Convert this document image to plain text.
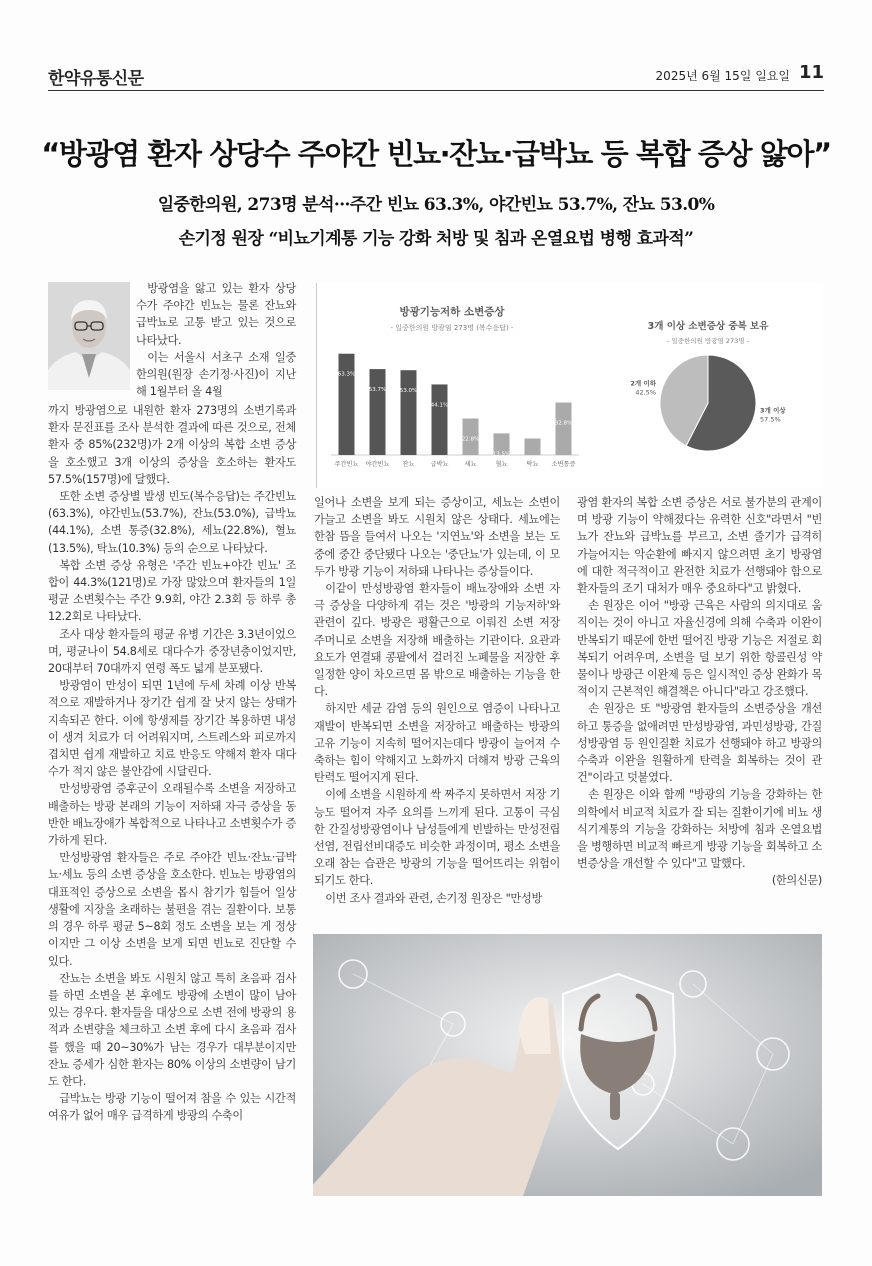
한약유통신문	2025년 6월 15일 일요일 11
“방광염 환자 상당수 주야간 빈뇨·잔뇨·급박뇨 등 복합 증상 앓아”
일중한의원, 273명 분석···주간 빈뇨 63.3%, 야간빈뇨 53.7%, 잔뇨 53.0%
손기정 원장 “비뇨기계통 기능 강화 처방 및 침과 온열요법 병행 효과적”

방광염을 앓고 있는 환자 상당수가 주야간 빈뇨는 물론 잔뇨와 급박뇨로 고통 받고 있는 것으로 나타났다.

이는 서울시 서초구 소재 일중한의원(원장 손기정·사진)이 지난해 1월부터 올 4월

까지 방광염으로 내원한 환자 273명의 소변기록과 환자 문진표를 조사 분석한 결과에 따른 것으로, 전체 환자 중 85%(232명)가 2개 이상의 복합 소변 증상을 호소했고 3개 이상의 증상을 호소하는 환자도 57.5%(157명)에 달했다.

또한 소변 증상별 발생 빈도(복수응답)는 주간빈뇨(63.3%), 야간빈뇨(53.7%), 잔뇨(53.0%), 급박뇨(44.1%), 소변 통증(32.8%), 세뇨(22.8%), 혈뇨(13.5%), 탁뇨(10.3%) 등의 순으로 나타났다.

복합 소변 증상 유형은 '주간 빈뇨+야간 빈뇨' 조합이 44.3%(121명)로 가장 많았으며 환자들의 1일 평균 소변횟수는 주간 9.9회, 야간 2.3회 등 하루 총 12.2회로 나타났다.

조사 대상 환자들의 평균 유병 기간은 3.3년이었으며, 평균나이 54.8세로 대다수가 중장년층이었지만, 20대부터 70대까지 연령 폭도 넓게 분포됐다.

방광염이 만성이 되면 1년에 두세 차례 이상 반복적으로 재발하거나 장기간 쉽게 잘 낫지 않는 상태가 지속되곤 한다. 이에 항생제를 장기간 복용하면 내성이 생겨 치료가 더 어려워지며, 스트레스와 피로까지 겹치면 쉽게 재발하고 치료 반응도 약해져 환자 대다수가 적지 않은 불안감에 시달린다.

만성방광염 증후군이 오래될수록 소변을 저장하고 배출하는 방광 본래의 기능이 저하돼 자극 증상을 동반한 배뇨장애가 복합적으로 나타나고 소변횟수가 증가하게 된다.

만성방광염 환자들은 주로 주야간 빈뇨·잔뇨·급박뇨·세뇨 등의 소변 증상을 호소한다. 빈뇨는 방광염의 대표적인 증상으로 소변을 몹시 참기가 힘들어 일상생활에 지장을 초래하는 불편을 겪는 질환이다. 보통의 경우 하루 평균 5~8회 정도 소변을 보는 게 정상이지만 그 이상 소변을 보게 되면 빈뇨로 진단할 수 있다.

잔뇨는 소변을 봐도 시원치 않고 특히 초음파 검사를 하면 소변을 본 후에도 방광에 소변이 많이 남아 있는 경우다. 환자들을 대상으로 소변 전에 방광의 용적과 소변량을 체크하고 소변 후에 다시 초음파 검사를 했을 때 20~30%가 남는 경우가 대부분이지만 잔뇨 증세가 심한 환자는 80% 이상의 소변량이 남기도 한다.

급박뇨는 방광 기능이 떨어져 참을 수 있는 시간적 여유가 없어 매우 급격하게 방광의 수축이

방광기능저하 소변증상
- 일중한의원 방광염 273명 (복수응답) -
63.3%
주간빈뇨
53.7%
야간빈뇨
53.0%
잔뇨
44.1%
급박뇨
22.8%
세뇨
13.5%
혈뇨
10.3%
탁뇨
32.8%
소변통증
3개 이상 소변증상 중복 보유
- 일중한의원 방광염 273명 -
3개 이상
57.5%
2개 이하
42.5%

일어나 소변을 보게 되는 증상이고, 세뇨는 소변이 가늘고 소변을 봐도 시원치 않은 상태다. 세뇨에는 한참 뜸을 들여서 나오는 '지연뇨'와 소변을 보는 도중에 중간 중단됐다 나오는 '중단뇨'가 있는데, 이 모두가 방광 기능이 저하돼 나타나는 증상들이다.

이같이 만성방광염 환자들이 배뇨장애와 소변 자극 증상을 다양하게 겪는 것은 '방광의 기능저하'와 관련이 깊다. 방광은 평활근으로 이뤄진 소변 저장 주머니로 소변을 저장해 배출하는 기관이다. 요관과 요도가 연결돼 콩팥에서 걸러진 노폐물을 저장한 후 일정한 양이 차오르면 몸 밖으로 배출하는 기능을 한다.

하지만 세균 감염 등의 원인으로 염증이 나타나고 재발이 반복되면 소변을 저장하고 배출하는 방광의 고유 기능이 지속히 떨어지는데다 방광이 늘어져 수축하는 힘이 약해지고 노화까지 더해져 방광 근육의 탄력도 떨어지게 된다.

이에 소변을 시원하게 싹 짜주지 못하면서 저장 기능도 떨어져 자주 요의를 느끼게 된다. 고통이 극심한 간질성방광염이나 남성들에게 빈발하는 만성전립선염, 전립선비대증도 비슷한 과정이며, 평소 소변을 오래 참는 습관은 방광의 기능을 떨어뜨리는 위험이 되기도 한다.

이번 조사 결과와 관련, 손기정 원장은 "만성방

광염 환자의 복합 소변 증상은 서로 불가분의 관계이며 방광 기능이 약해졌다는 유력한 신호"라면서 "빈뇨가 잔뇨와 급박뇨를 부르고, 소변 줄기가 급격히 가늘어지는 악순환에 빠지지 않으려면 초기 방광염에 대한 적극적이고 완전한 치료가 선행돼야 함으로 환자들의 조기 대처가 매우 중요하다"고 밝혔다.

손 원장은 이어 "방광 근육은 사람의 의지대로 움직이는 것이 아니고 자율신경에 의해 수축과 이완이 반복되기 때문에 한번 떨어진 방광 기능은 저절로 회복되기 어려우며, 소변을 덜 보기 위한 항콜린성 약물이나 방광근 이완제 등은 일시적인 증상 완화가 목적이지 근본적인 해결책은 아니다"라고 강조했다.

손 원장은 또 "방광염 환자들의 소변증상을 개선하고 통증을 없애려면 만성방광염, 과민성방광, 간질성방광염 등 원인질환 치료가 선행돼야 하고 방광의 수축과 이완을 원활하게 탄력을 회복하는 것이 관건"이라고 덧붙였다.

손 원장은 이와 함께 "방광의 기능을 강화하는 한의학에서 비교적 치료가 잘 되는 질환이기에 비뇨 생식기계통의 기능을 강화하는 처방에 침과 온열요법을 병행하면 비교적 빠르게 방광 기능을 회복하고 소변증상을 개선할 수 있다"고 말했다.

(한의신문)
